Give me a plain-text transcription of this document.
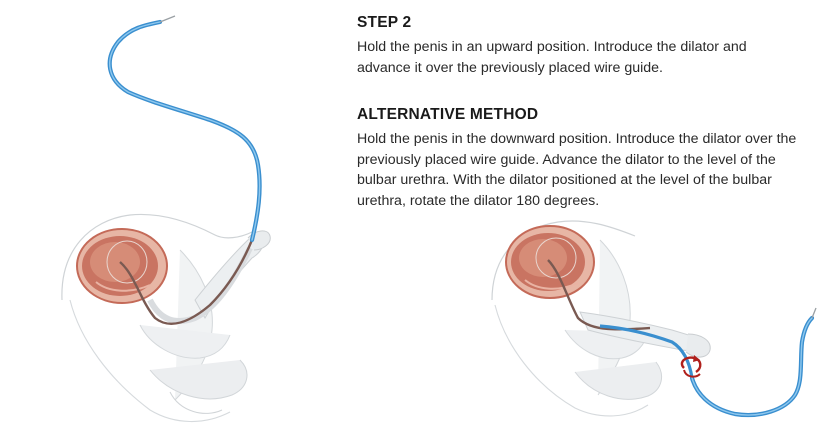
STEP 2

Hold the penis in an upward position. Introduce the dilator and advance it over the previously placed wire guide.

ALTERNATIVE METHOD

Hold the penis in the downward position. Introduce the dilator over the previously placed wire guide. Advance the dilator to the level of the bulbar urethra. With the dilator positioned at the level of the bulbar urethra, rotate the dilator 180 degrees.
